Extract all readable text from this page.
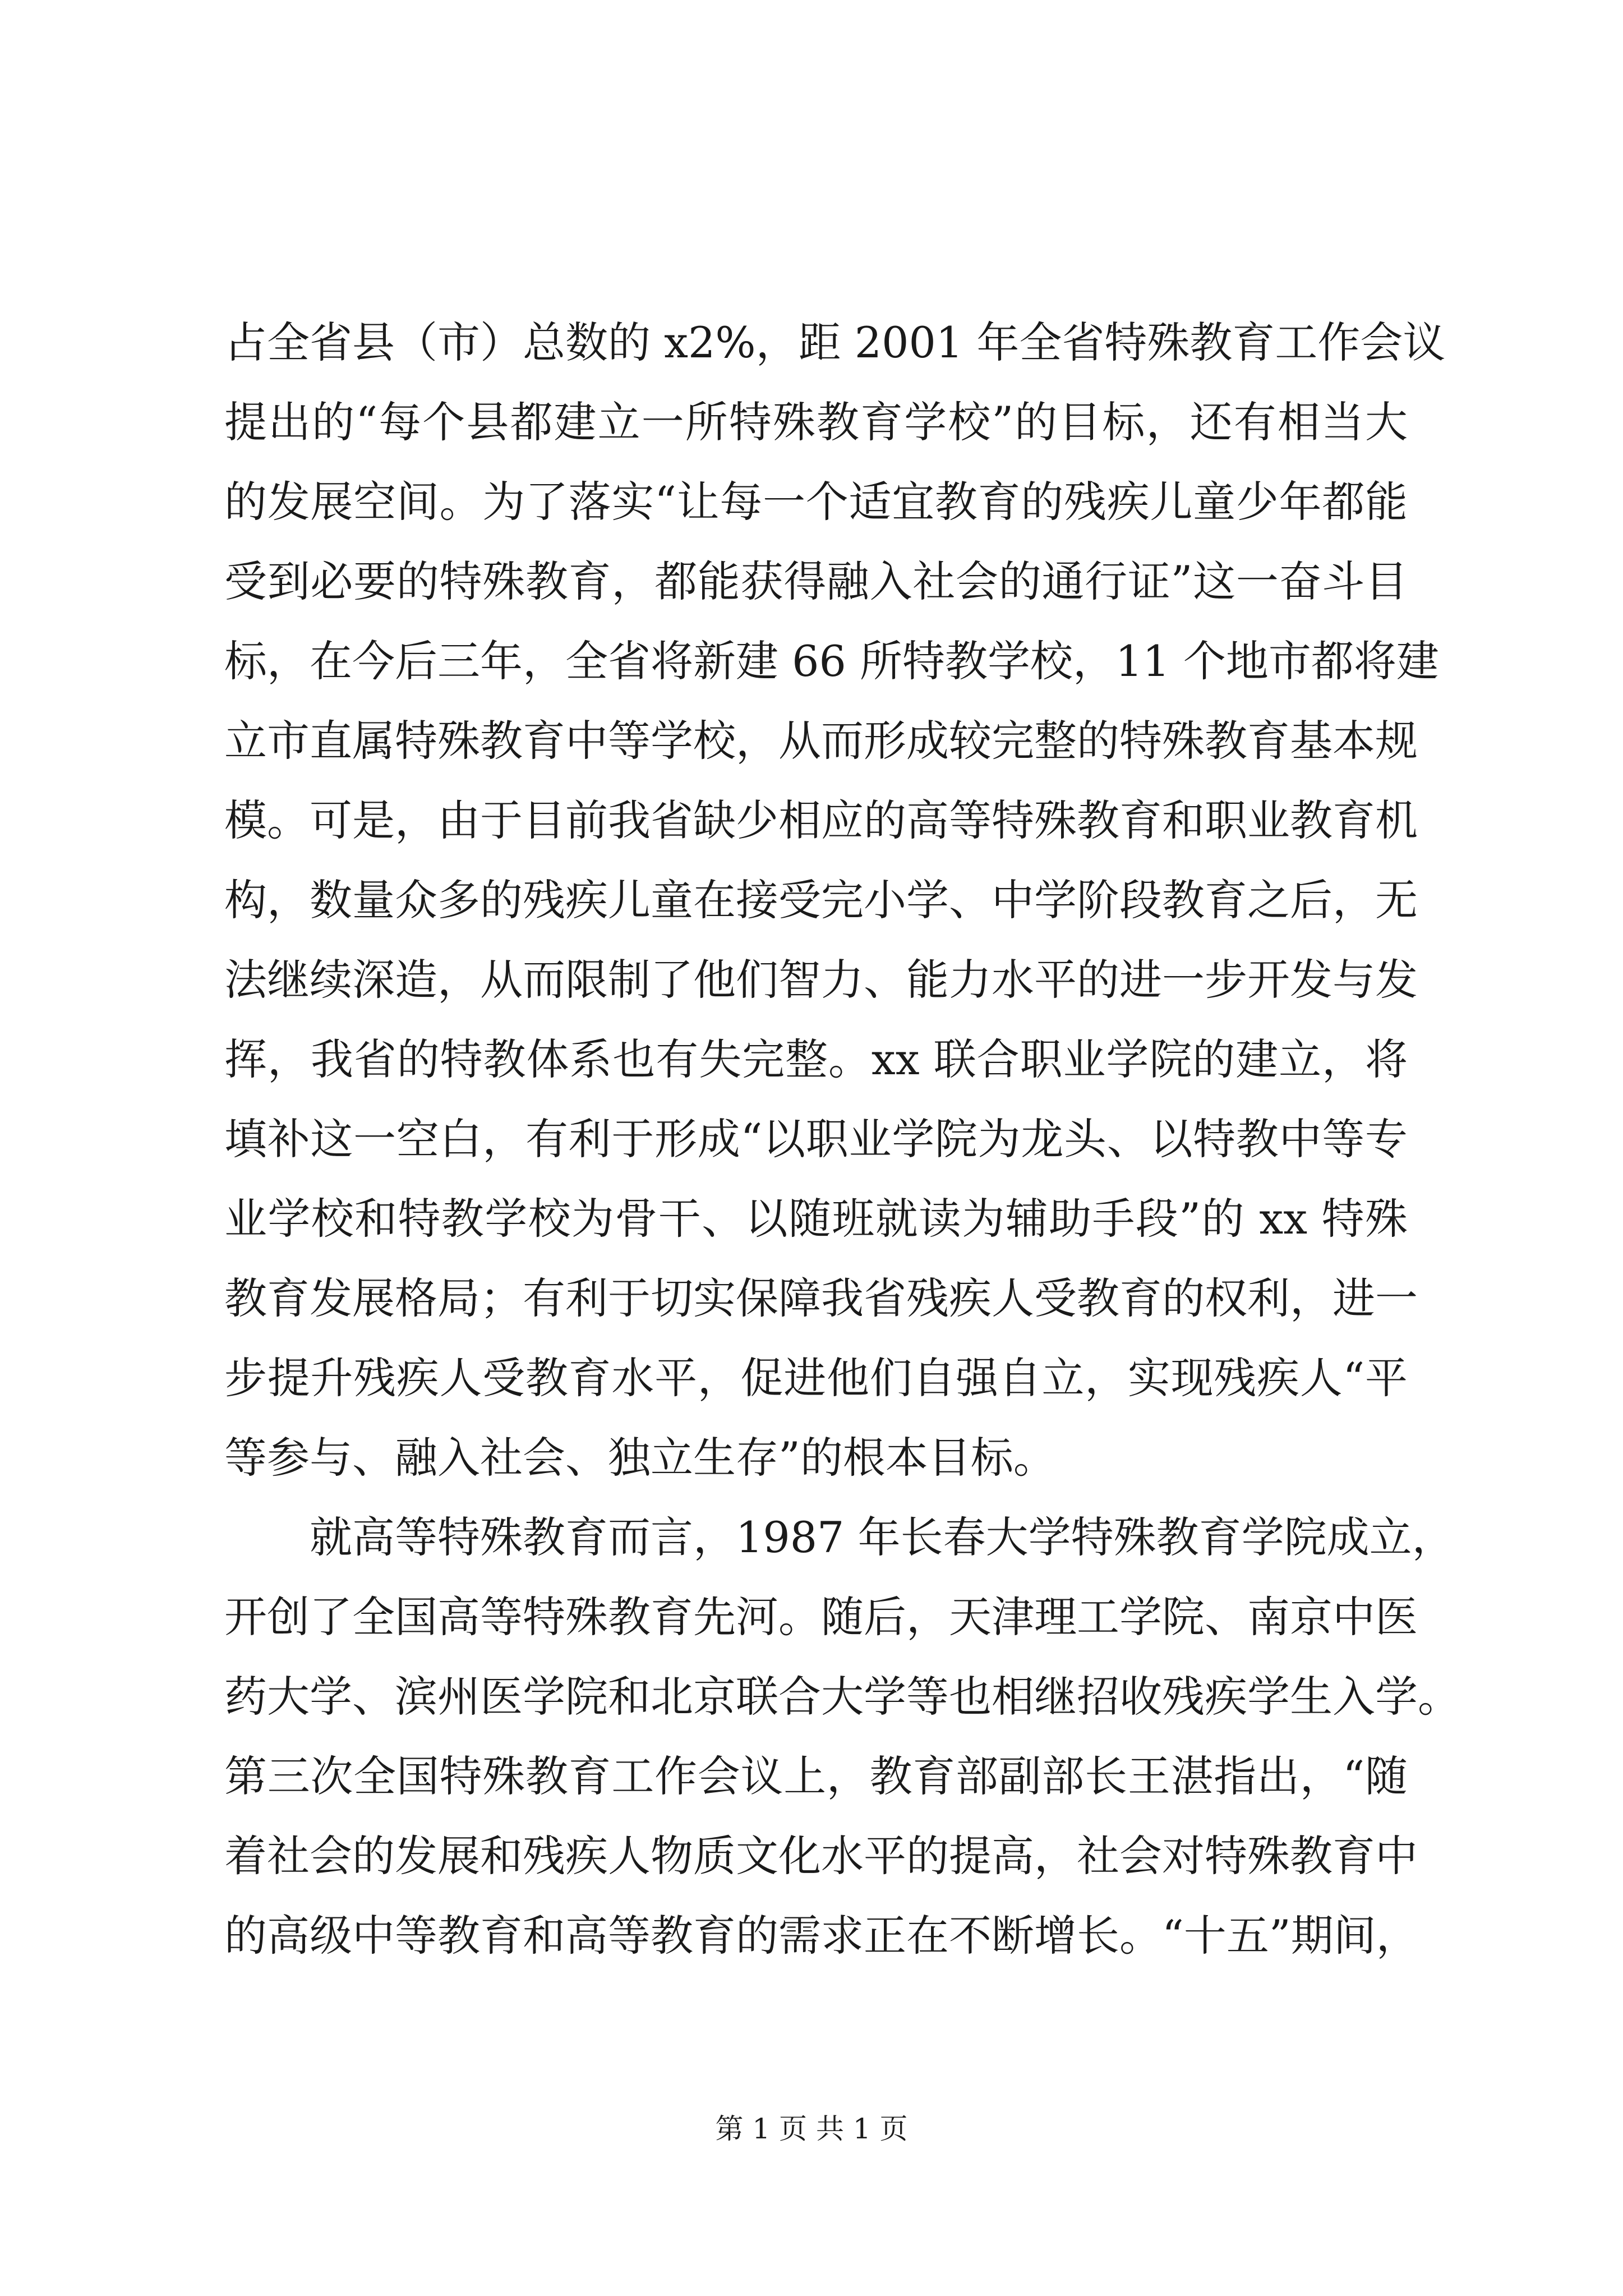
占全省县（市）总数的 x2%，距 2001 年全省特殊教育工作会议
提出的“每个县都建立一所特殊教育学校”的目标，还有相当大
的发展空间。为了落实“让每一个适宜教育的残疾儿童少年都能
受到必要的特殊教育，都能获得融入社会的通行证”这一奋斗目
标，在今后三年，全省将新建 66 所特教学校，11 个地市都将建
立市直属特殊教育中等学校，从而形成较完整的特殊教育基本规
模。可是，由于目前我省缺少相应的高等特殊教育和职业教育机
构，数量众多的残疾儿童在接受完小学、中学阶段教育之后，无
法继续深造，从而限制了他们智力、能力水平的进一步开发与发
挥，我省的特教体系也有失完整。xx 联合职业学院的建立，将
填补这一空白，有利于形成“以职业学院为龙头、以特教中等专
业学校和特教学校为骨干、以随班就读为辅助手段”的 xx 特殊
教育发展格局；有利于切实保障我省残疾人受教育的权利，进一
步提升残疾人受教育水平，促进他们自强自立，实现残疾人“平
等参与、融入社会、独立生存”的根本目标。
就高等特殊教育而言，1987 年长春大学特殊教育学院成立，
开创了全国高等特殊教育先河。随后，天津理工学院、南京中医
药大学、滨州医学院和北京联合大学等也相继招收残疾学生入学。
第三次全国特殊教育工作会议上，教育部副部长王湛指出，“随
着社会的发展和残疾人物质文化水平的提高，社会对特殊教育中
的高级中等教育和高等教育的需求正在不断增长。“十五”期间，
第 1 页 共 1 页
